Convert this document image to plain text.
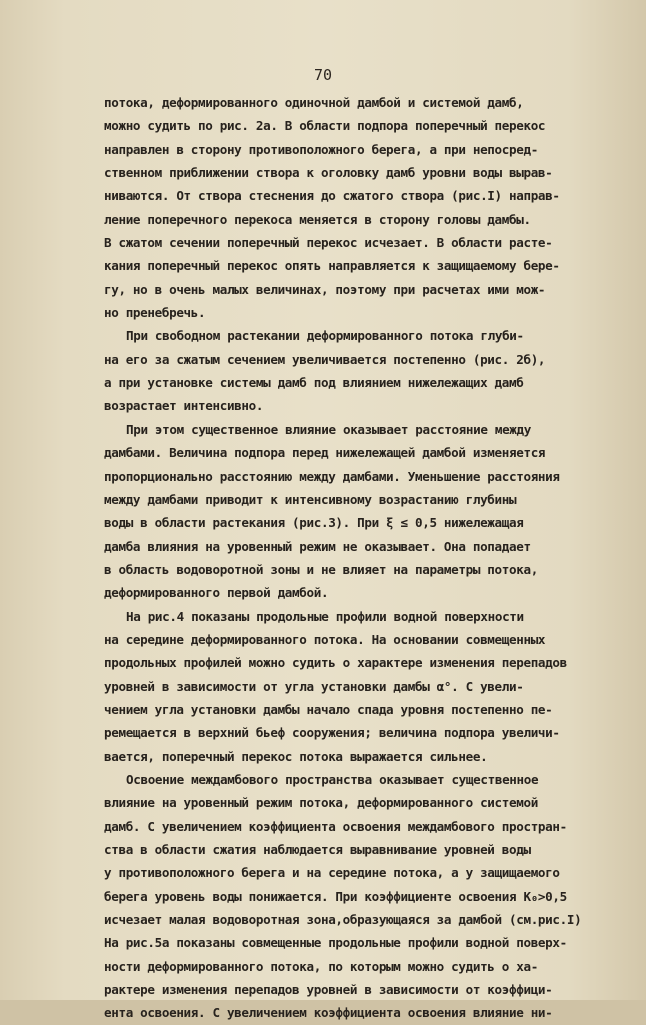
70
потока, деформированного одиночной дамбой и системой дамб,
можно судить по рис. 2а. В области подпора поперечный перекос
направлен в сторону противоположного берега, а при непосред-
ственном приближении створа к оголовку дамб уровни воды вырав-
ниваются. От створа стеснения до сжатого створа (рис.I) направ-
ление поперечного перекоса меняется в сторону головы дамбы.
В сжатом сечении поперечный перекос исчезает. В области расте-
кания поперечный перекос опять направляется к защищаемому бере-
гу, но в очень малых величинах, поэтому при расчетах ими мож-
но пренебречь.
При свободном растекании деформированного потока глуби-
на его за сжатым сечением увеличивается постепенно (рис. 2б),
а при установке системы дамб под влиянием нижележащих дамб
возрастает интенсивно.
При этом существенное влияние оказывает расстояние между
дамбами. Величина подпора перед нижележащей дамбой изменяется
пропорционально расстоянию между дамбами. Уменьшение расстояния
между дамбами приводит к интенсивному возрастанию глубины
воды в области растекания (рис.3). При ξ ≤ 0,5 нижележащая
дамба влияния на уровенный режим не оказывает. Она попадает
в область водоворотной зоны и не влияет на параметры потока,
деформированного первой дамбой.
На рис.4 показаны продольные профили водной поверхности
на середине деформированного потока. На основании совмещенных
продольных профилей можно судить о характере изменения перепадов
уровней в зависимости от угла установки дамбы α°. С увели-
чением угла установки дамбы начало спада уровня постепенно пе-
ремещается в верхний бьеф сооружения; величина подпора увеличи-
вается, поперечный перекос потока выражается сильнее.
Освоение междамбового пространства оказывает существенное
влияние на уровенный режим потока, деформированного системой
дамб. С увеличением коэффициента освоения междамбового простран-
ства в области сжатия наблюдается выравнивание уровней воды
у противоположного берега и на середине потока, а у защищаемого
берега уровень воды понижается. При коэффициенте освоения К₀>0,5
исчезает малая водоворотная зона,образующаяся за дамбой (см.рис.I)
На рис.5а показаны совмещенные продольные профили водной поверх-
ности деформированного потока, по которым можно судить о ха-
рактере изменения перепадов уровней в зависимости от коэффици-
ента освоения. С увеличением коэффициента освоения влияние ни-
